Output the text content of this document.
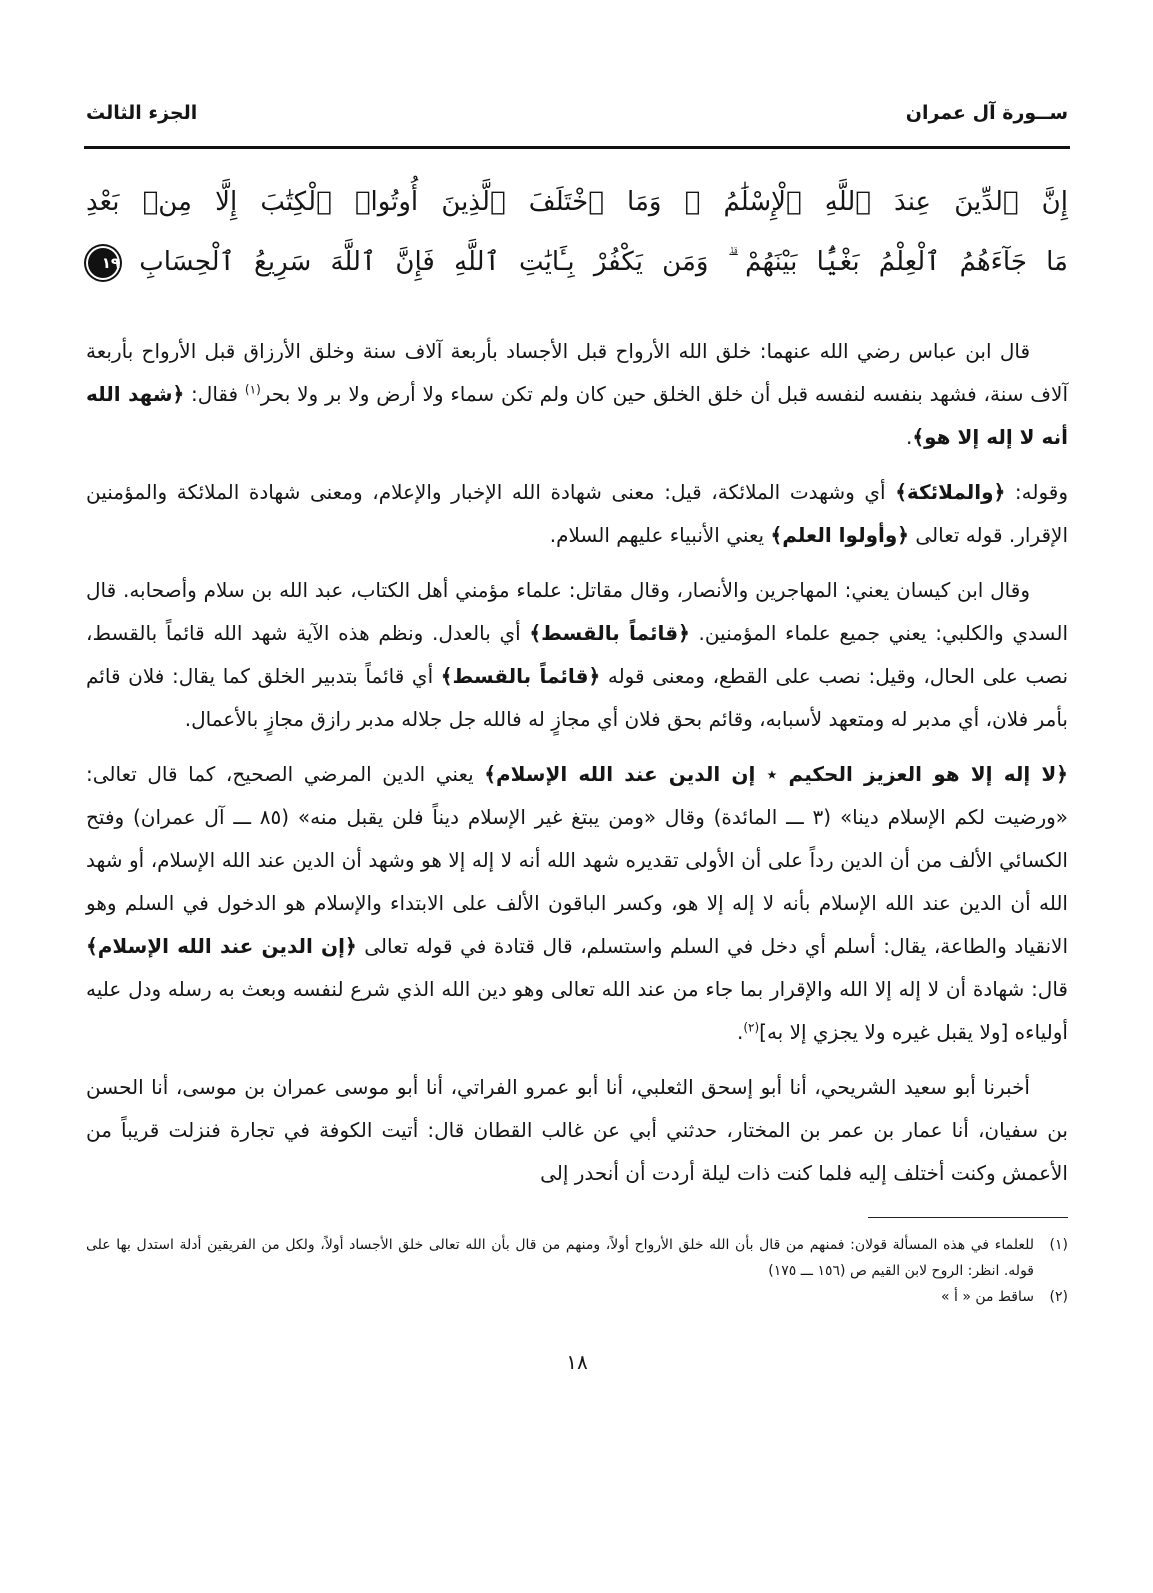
ســورة آل عمران
الجزء الثالث
إِنَّ ٱلدِّينَ عِندَ ٱللَّهِ ٱلْإِسْلَٰمُ ۗ وَمَا ٱخْتَلَفَ ٱلَّذِينَ أُوتُوا۟ ٱلْكِتَٰبَ إِلَّا مِنۢ بَعْدِ
مَا جَآءَهُمُ ٱلْعِلْمُ بَغْيًۢا بَيْنَهُمْ ۗ وَمَن يَكْفُرْ بِـَٔايَٰتِ ٱللَّهِ فَإِنَّ ٱللَّهَ سَرِيعُ ٱلْحِسَابِ ١٩

قال ابن عباس رضي الله عنهما: خلق الله الأرواح قبل الأجساد بأربعة آلاف سنة وخلق الأرزاق قبل الأرواح بأربعة آلاف سنة، فشهد بنفسه لنفسه قبل أن خلق الخلق حين كان ولم تكن سماء ولا أرض ولا بر ولا بحر$^{(١)}$ فقال: ﴿شهد الله أنه لا إله إلا هو﴾.

وقوله: ﴿والملائكة﴾ أي وشهدت الملائكة، قيل: معنى شهادة الله الإخبار والإعلام، ومعنى شهادة الملائكة والمؤمنين الإقرار. قوله تعالى ﴿وأولوا العلم﴾ يعني الأنبياء عليهم السلام.

وقال ابن كيسان يعني: المهاجرين والأنصار، وقال مقاتل: علماء مؤمني أهل الكتاب، عبد الله بن سلام وأصحابه. قال السدي والكلبي: يعني جميع علماء المؤمنين. ﴿قائماً بالقسط﴾ أي بالعدل. ونظم هذه الآية شهد الله قائماً بالقسط، نصب على الحال، وقيل: نصب على القطع، ومعنى قوله ﴿قائماً بالقسط﴾ أي قائماً بتدبير الخلق كما يقال: فلان قائم بأمر فلان، أي مدبر له ومتعهد لأسبابه، وقائم بحق فلان أي مجازٍ له فالله جل جلاله مدبر رازق مجازٍ بالأعمال.

﴿لا إله إلا هو العزيز الحكيم ٭ إن الدين عند الله الإسلام﴾ يعني الدين المرضي الصحيح، كما قال تعالى: «ورضيت لكم الإسلام دينا» (٣ ـــ المائدة) وقال «ومن يبتغ غير الإسلام ديناً فلن يقبل منه» (٨٥ ـــ آل عمران) وفتح الكسائي الألف من أن الدين رداً على أن الأولى تقديره شهد الله أنه لا إله إلا هو وشهد أن الدين عند الله الإسلام، أو شهد الله أن الدين عند الله الإسلام بأنه لا إله إلا هو، وكسر الباقون الألف على الابتداء والإسلام هو الدخول في السلم وهو الانقياد والطاعة، يقال: أسلم أي دخل في السلم واستسلم، قال قتادة في قوله تعالى ﴿إن الدين عند الله الإسلام﴾ قال: شهادة أن لا إله إلا الله والإقرار بما جاء من عند الله تعالى وهو دين الله الذي شرع لنفسه وبعث به رسله ودل عليه أولياءه [ولا يقبل غيره ولا يجزي إلا به]$^{(٢)}$.

أخبرنا أبو سعيد الشريحي، أنا أبو إسحق الثعلبي، أنا أبو عمرو الفراتي، أنا أبو موسى عمران بن موسى، أنا الحسن بن سفيان، أنا عمار بن عمر بن المختار، حدثني أبي عن غالب القطان قال: أتيت الكوفة في تجارة فنزلت قريباً من الأعمش وكنت أختلف إليه فلما كنت ذات ليلة أردت أن أنحدر إلى

(١)
للعلماء في هذه المسألة قولان: فمنهم من قال بأن الله خلق الأرواح أولاً، ومنهم من قال بأن الله تعالى خلق الأجساد أولاً، ولكل من الفريقين أدلة استدل بها على قوله. انظر: الروح لابن القيم ص (١٥٦ ـــ ١٧٥)
(٢)
ساقط من « أ »
١٨
